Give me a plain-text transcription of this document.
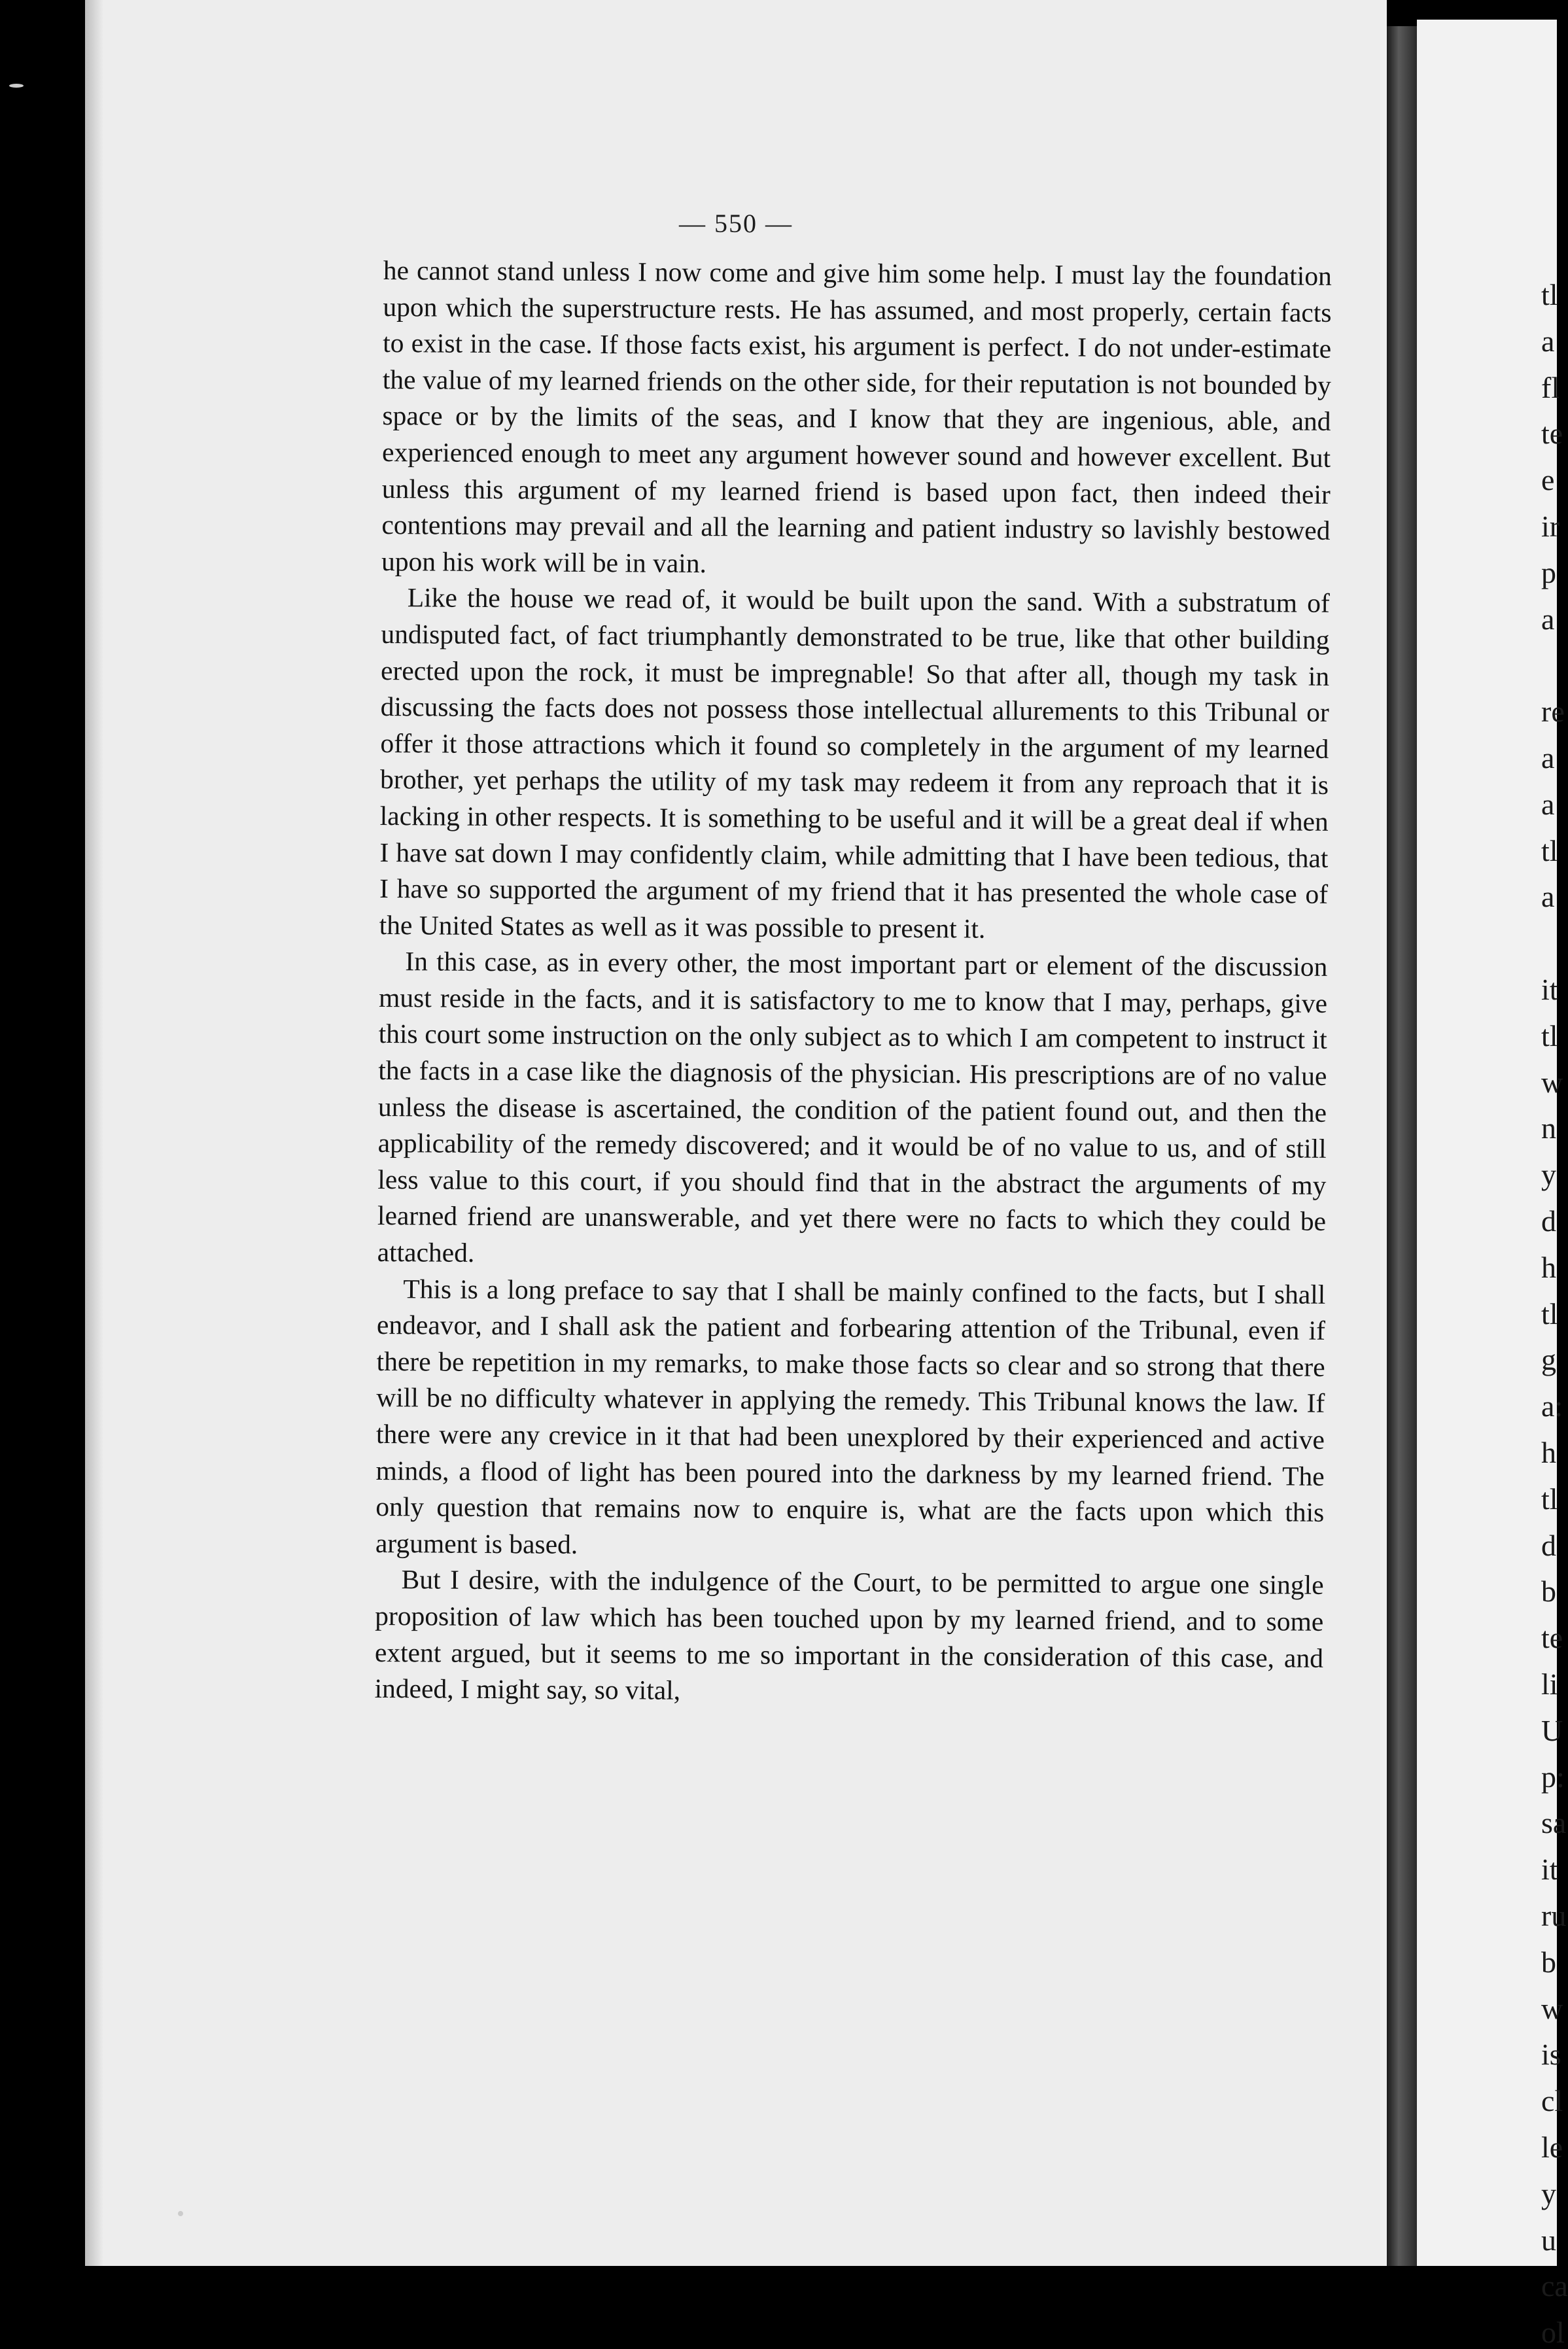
— 550 —

he cannot stand unless I now come and give him some help. I must lay the foundation upon which the superstructure rests. He has assumed, and most properly, certain facts to exist in the case. If those facts exist, his argument is perfect. I do not under-estimate the value of my learned friends on the other side, for their reputation is not bounded by space or by the limits of the seas, and I know that they are ingenious, able, and experienced enough to meet any argument however sound and however excellent. But unless this argument of my learned friend is based upon fact, then indeed their contentions may prevail and all the learning and patient industry so lavishly bestowed upon his work will be in vain.

Like the house we read of, it would be built upon the sand. With a substratum of undisputed fact, of fact triumphantly demonstrated to be true, like that other building erected upon the rock, it must be impregnable! So that after all, though my task in discussing the facts does not possess those intellectual allurements to this Tribunal or offer it those attractions which it found so completely in the argument of my learned brother, yet perhaps the utility of my task may redeem it from any reproach that it is lacking in other respects. It is something to be useful and it will be a great deal if when I have sat down I may confidently claim, while admitting that I have been tedious, that I have so supported the argument of my friend that it has presented the whole case of the United States as well as it was possible to present it.

In this case, as in every other, the most important part or element of the discussion must reside in the facts, and it is satisfactory to me to know that I may, perhaps, give this court some instruction on the only subject as to which I am competent to instruct it the facts in a case like the diagnosis of the physician. His prescriptions are of no value unless the disease is ascertained, the condition of the patient found out, and then the applicability of the remedy discovered; and it would be of no value to us, and of still less value to this court, if you should find that in the abstract the arguments of my learned friend are unanswerable, and yet there were no facts to which they could be attached.

This is a long preface to say that I shall be mainly confined to the facts, but I shall endeavor, and I shall ask the patient and forbearing attention of the Tribunal, even if there be repetition in my remarks, to make those facts so clear and so strong that there will be no difficulty whatever in applying the remedy. This Tribunal knows the law. If there were any crevice in it that had been unexplored by their experienced and active minds, a flood of light has been poured into the darkness by my learned friend. The only question that remains now to enquire is, what are the facts upon which this argument is based.

But I desire, with the indulgence of the Court, to be permitted to argue one single proposition of law which has been touched upon by my learned friend, and to some extent argued, but it seems to me so important in the consideration of this case, and indeed, I might say, so vital,

tl
a
fl
te
e
ir
p
a
re
a
a
tl
a
it
tl
w
n
y
d
h
tl
g
a:
h
tl
d
b
te
li
U
p:
sa
it
ru
b
w
is
cl
le
y
u
ca
ol
